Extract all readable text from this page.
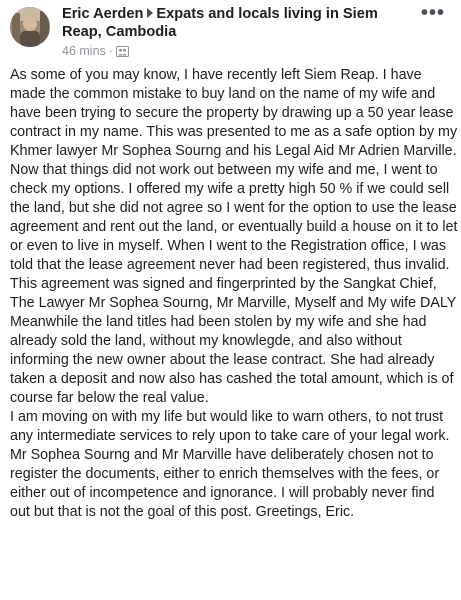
Eric Aerden Expats and locals living in Siem Reap, Cambodia
46 mins ·
•••

As some of you may know, I have recently left Siem Reap. I have made the common mistake to buy land on the name of my wife and have been trying to secure the property by drawing up a 50 year lease contract in my name. This was presented to me as a safe option by my Khmer lawyer Mr Sophea Sourng and his Legal Aid Mr Adrien Marville. Now that things did not work out between my wife and me, I went to check my options. I offered my wife a pretty high 50 % if we could sell the land, but she did not agree so I went for the option to use the lease agreement and rent out the land, or eventually build a house on it to let or even to live in myself. When I went to the Registration office, I was told that the lease agreement never had been registered, thus invalid. This agreement was signed and fingerprinted by the Sangkat Chief, The Lawyer Mr Sophea Sourng, Mr Marville, Myself and My wife DALY

Meanwhile the land titles had been stolen by my wife and she had already sold the land, without my knowlegde, and also without informing the new owner about the lease contract. She had already taken a deposit and now also has cashed the total amount, which is of course far below the real value.

I am moving on with my life but would like to warn others, to not trust any intermediate services to rely upon to take care of your legal work. Mr Sophea Sourng and Mr Marville have deliberately chosen not to register the documents, either to enrich themselves with the fees, or either out of incompetence and ignorance. I will probably never find out but that is not the goal of this post. Greetings, Eric.
